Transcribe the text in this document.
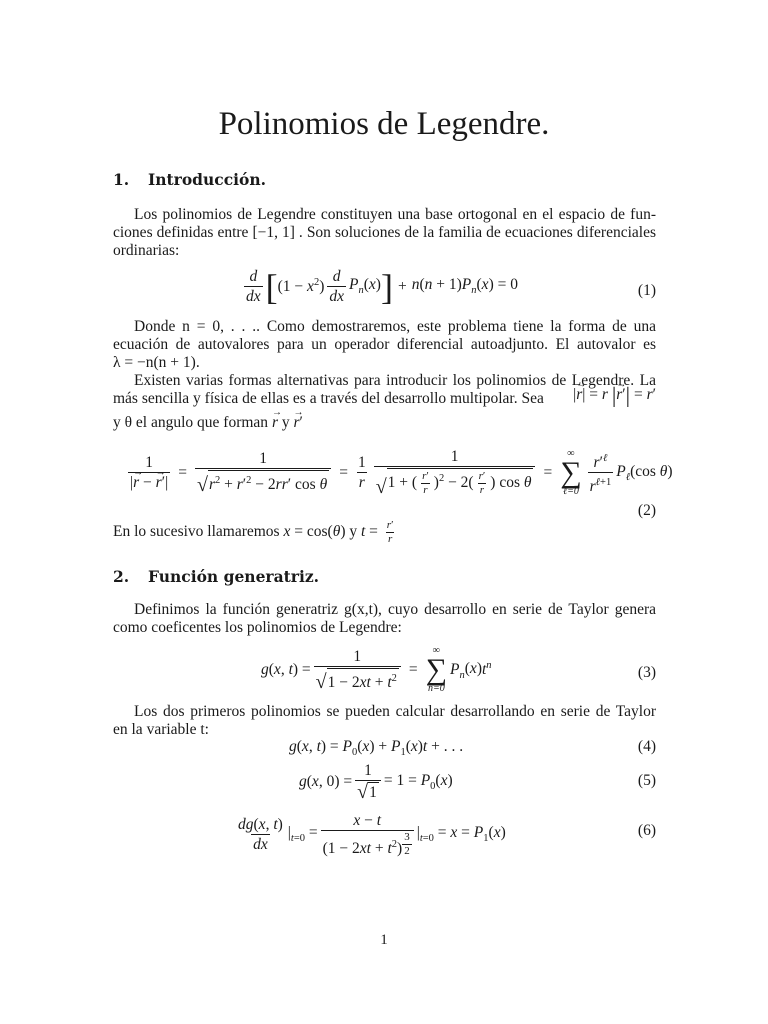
Polinomios de Legendre.
1. Introducción.
Los polinomios de Legendre constituyen una base ortogonal en el espacio de fun-
ciones definidas entre [−1, 1] . Son soluciones de la familia de ecuaciones diferenciales
ordinarias:
$\frac{d}{dx}$ [ $(1 - x^2) \frac{d}{dx} P_n(x)$ ] + $n(n + 1)P_n(x) = 0$	(1)
Donde n = 0, . . .. Como demostraremos, este problema tiene la forma de una
ecuación de autovalores para un operador diferencial autoadjunto. El autovalor es
λ = −n(n + 1).
Existen varias formas alternativas para introducir los polinomios de Legendre. La
más sencilla y física de ellas es a través del desarrollo multipolar. Sea |→ r| = r |→ r′| = r′
y θ el angulo que forman → r y → r′
$\frac{1}{|\to r - \to r'|} = \frac{1}{√ r^2 + r'^2 - 2rr' \cos \theta} = \frac{1}{r} \frac{1}{√ 1 + ( \frac{r'}{r} )^2 - 2( \frac{r'}{r} ) \cos \theta}$ =
∞
∑
ℓ=0 $\frac{r'^\ell}{r^{\ell+1}} P_\ell(\cos$ θ)
(2)
En lo sucesivo llamaremos x = cos(θ) y $t = \frac{r'}{r}$
2. Función generatriz.
Definimos la función generatriz g(x,t), cuyo desarrollo en serie de Taylor genera
como coeficentes los polinomios de Legendre:
g(x, $t) = \frac{1}{√ 1 - 2xt + t^2}$ =
∞
∑
n=0
$P_n(x)t^n$	(3)
Los dos primeros polinomios se pueden calcular desarrollando en serie de Taylor
en la variable t:
g(x, $t) = P_0(x) + P_1(x)t$ + . . .	(4)
g(x, $0) = \frac{1}{√ 1} = 1 = P_0(x)$	(5)
$\frac{dg(x, t)}{dx} |_{t=0} = x - t$
$(1 - 2xt + t^2)$ $^{\frac{3}{2}}$ $|_{t=0} = x = P_1(x)$	(6)
1
